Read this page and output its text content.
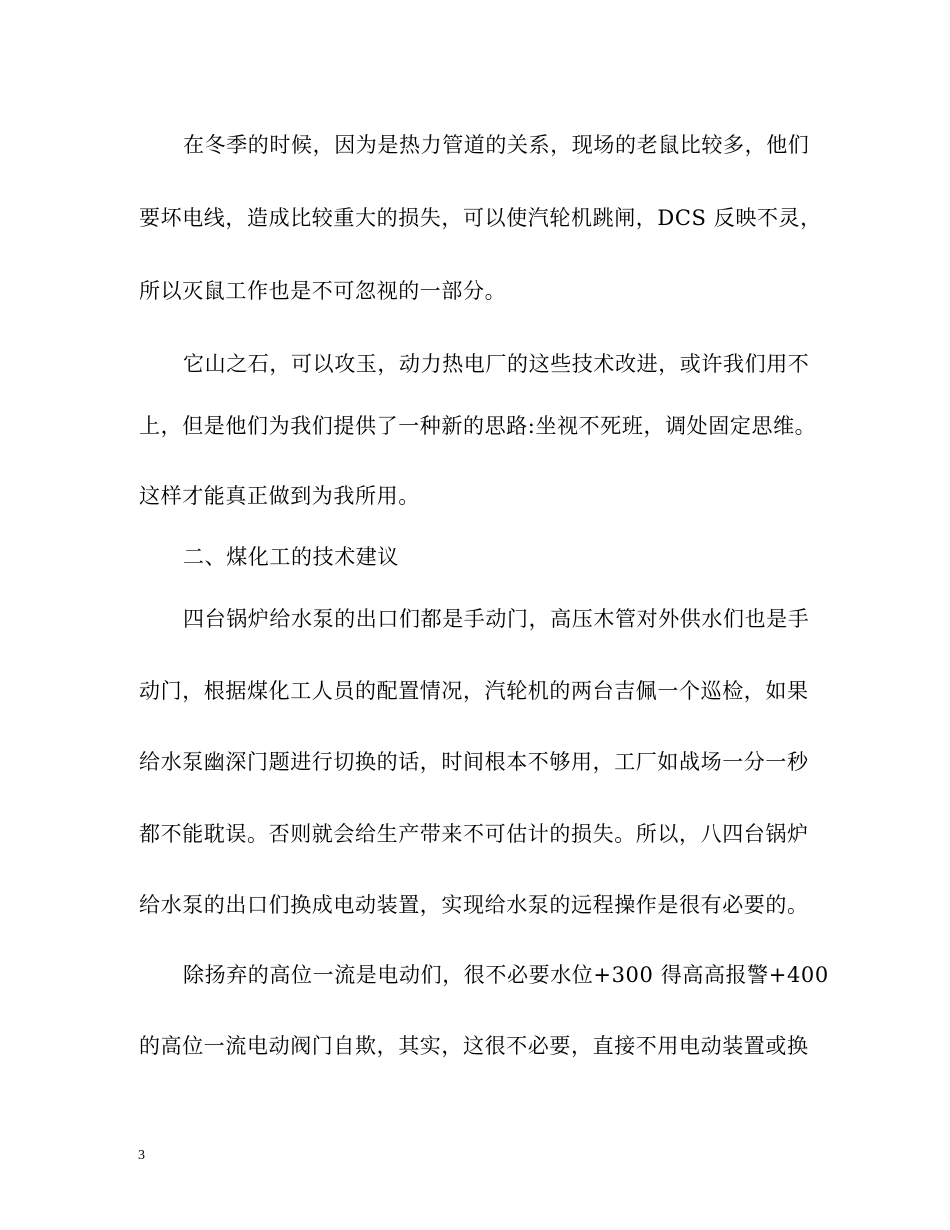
在冬季的时候，因为是热力管道的关系，现场的老鼠比较多，他们

要坏电线，造成比较重大的损失，可以使汽轮机跳闸，DCS 反映不灵，

所以灭鼠工作也是不可忽视的一部分。

它山之石，可以攻玉，动力热电厂的这些技术改进，或许我们用不

上，但是他们为我们提供了一种新的思路:坐视不死班，调处固定思维。

这样才能真正做到为我所用。

二、煤化工的技术建议

四台锅炉给水泵的出口们都是手动门，高压木管对外供水们也是手

动门，根据煤化工人员的配置情况，汽轮机的两台吉佩一个巡检，如果

给水泵幽深门题进行切换的话，时间根本不够用，工厂如战场一分一秒

都不能耽误。否则就会给生产带来不可估计的损失。所以，八四台锅炉

给水泵的出口们换成电动装置，实现给水泵的远程操作是很有必要的。

除扬弃的高位一流是电动们，很不必要水位+300 得高高报警+400

的高位一流电动阀门自欺，其实，这很不必要，直接不用电动装置或换

3
